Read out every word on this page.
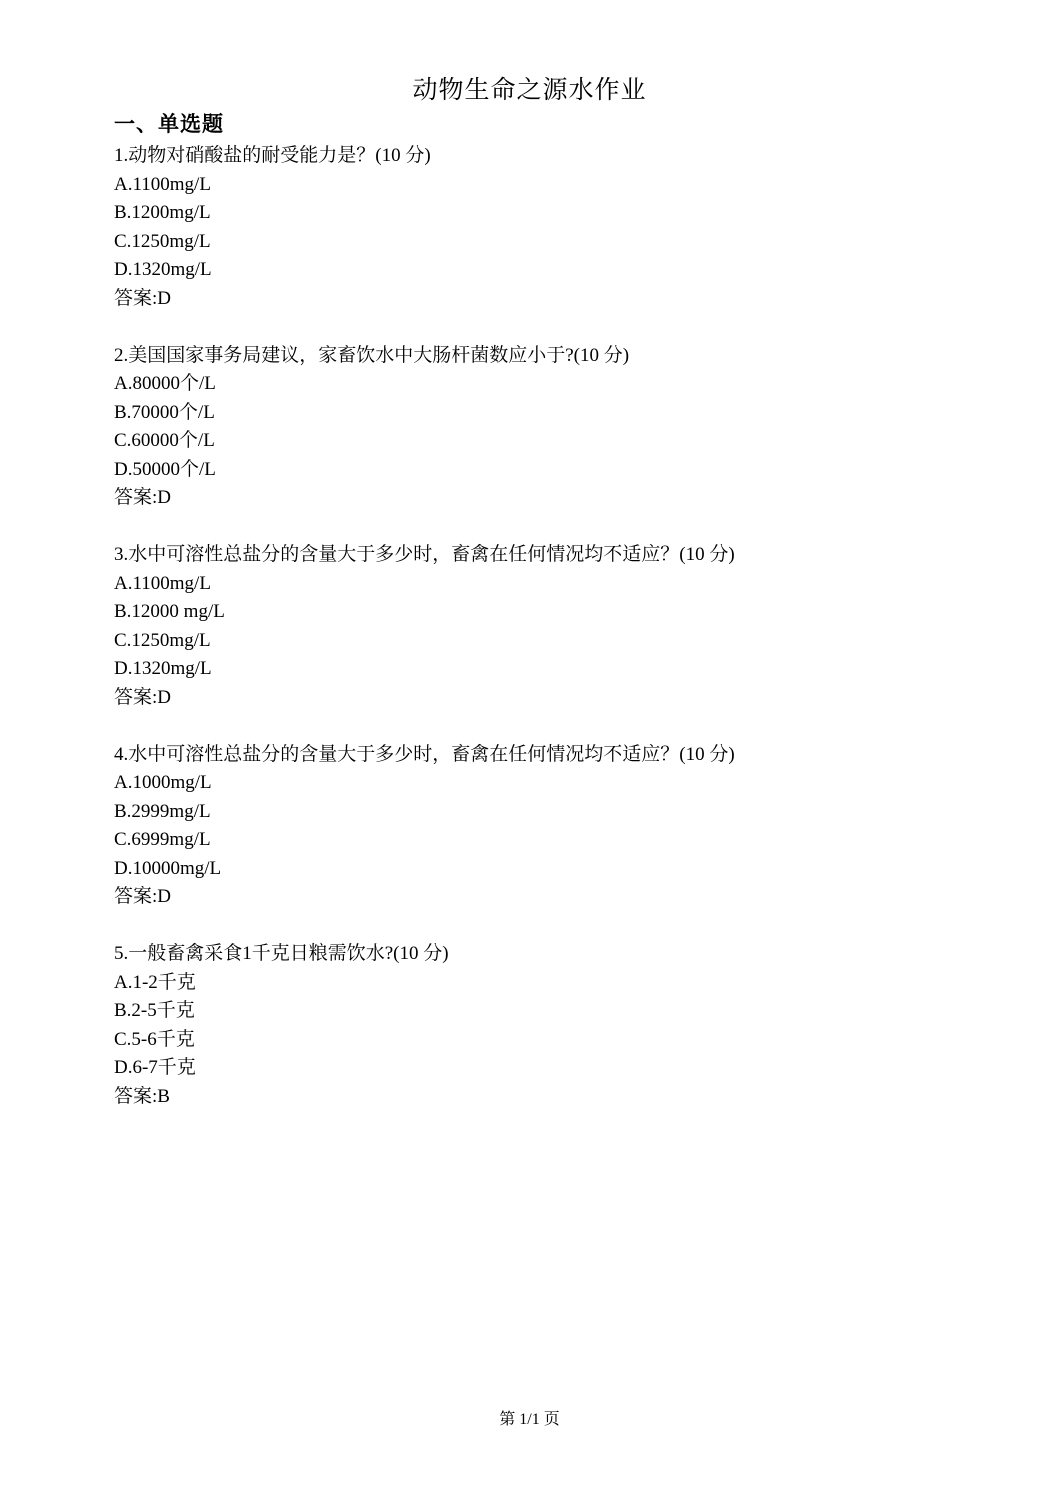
动物生命之源水作业
一、单选题
1.动物对硝酸盐的耐受能力是？(10 分)
A.1100mg/L
B.1200mg/L
C.1250mg/L
D.1320mg/L
答案:D
2.美国国家事务局建议，家畜饮水中大肠杆菌数应小于?(10 分)
A.80000个/L
B.70000个/L
C.60000个/L
D.50000个/L
答案:D
3.水中可溶性总盐分的含量大于多少时，畜禽在任何情况均不适应？(10 分)
A.1100mg/L
B.12000 mg/L
C.1250mg/L
D.1320mg/L
答案:D
4.水中可溶性总盐分的含量大于多少时，畜禽在任何情况均不适应？(10 分)
A.1000mg/L
B.2999mg/L
C.6999mg/L
D.10000mg/L
答案:D
5.一般畜禽采食1千克日粮需饮水?(10 分)
A.1-2千克
B.2-5千克
C.5-6千克
D.6-7千克
答案:B
第 1/1 页
